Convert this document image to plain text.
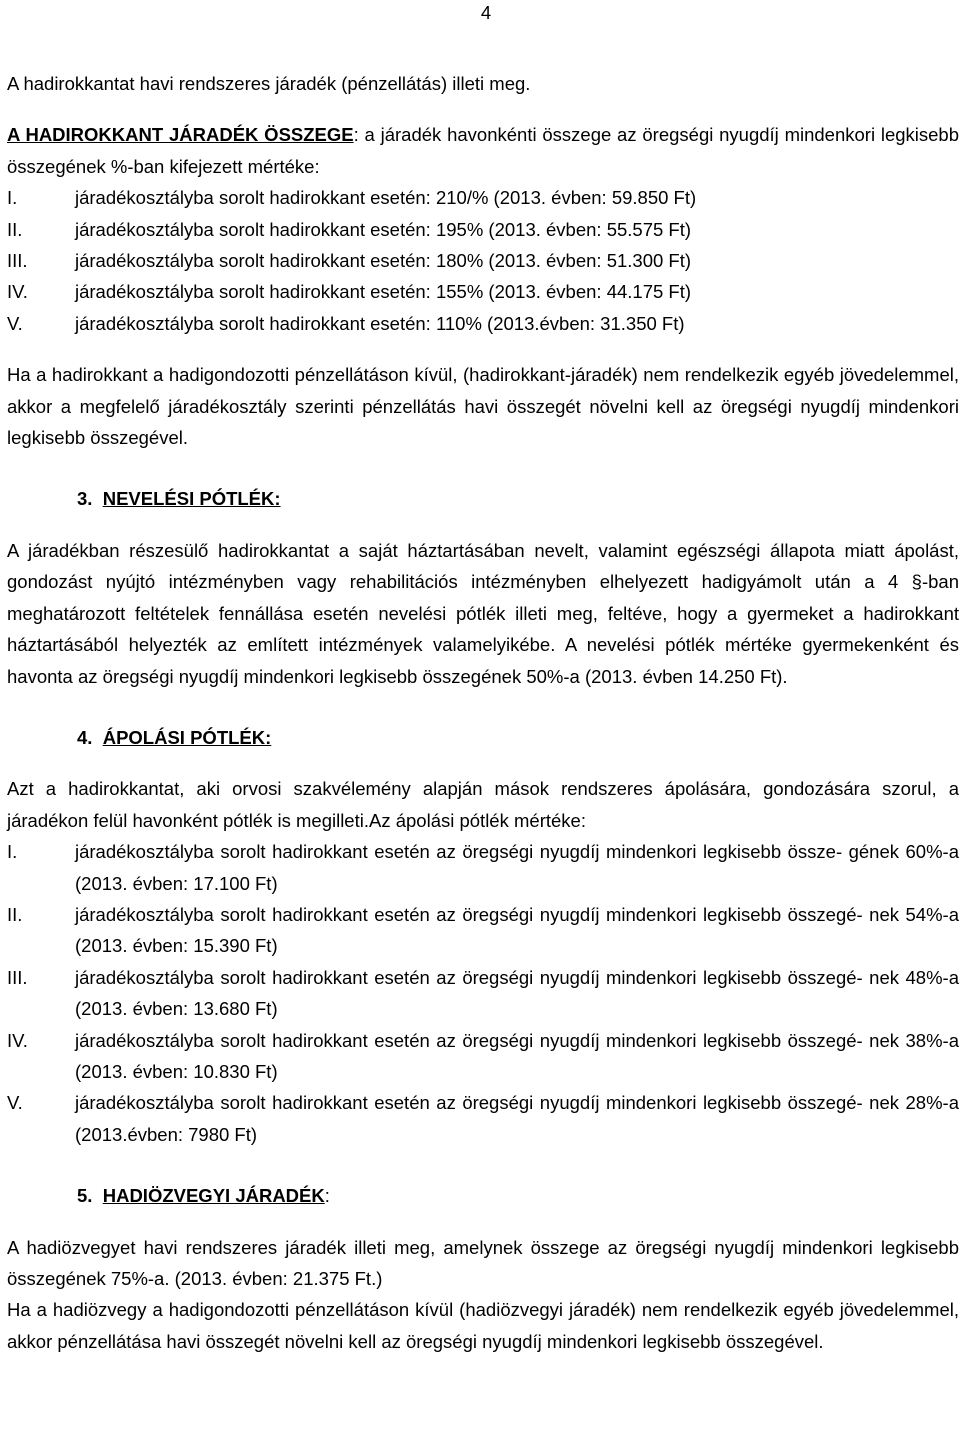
4

A hadirokkantat havi rendszeres járadék (pénzellátás) illeti meg.

A HADIROKKANT JÁRADÉK ÖSSZEGE: a járadék havonkénti összege az öregségi nyugdíj mindenkori legkisebb összegének %-ban kifejezett mértéke:

I.	járadékosztályba sorolt hadirokkant esetén: 210/% (2013. évben: 59.850 Ft)
II.	járadékosztályba sorolt hadirokkant esetén: 195% (2013. évben: 55.575 Ft)
III.	járadékosztályba sorolt hadirokkant esetén: 180% (2013. évben: 51.300 Ft)
IV.	járadékosztályba sorolt hadirokkant esetén: 155% (2013. évben: 44.175 Ft)
V.	járadékosztályba sorolt hadirokkant esetén: 110% (2013.évben: 31.350 Ft)

Ha a hadirokkant a hadigondozotti pénzellátáson kívül, (hadirokkant-járadék) nem rendelkezik egyéb jövedelemmel, akkor a megfelelő járadékosztály szerinti pénzellátás havi összegét növelni kell az öregségi nyugdíj mindenkori legkisebb összegével.

3. NEVELÉSI PÓTLÉK:

A járadékban részesülő hadirokkantat a saját háztartásában nevelt, valamint egészségi állapota miatt ápolást, gondozást nyújtó intézményben vagy rehabilitációs intézményben elhelyezett hadigyámolt után a 4 §-ban meghatározott feltételek fennállása esetén nevelési pótlék illeti meg, feltéve, hogy a gyermeket a hadirokkant háztartásából helyezték az említett intézmények valamelyikébe. A nevelési pótlék mértéke gyermekenként és havonta az öregségi nyugdíj mindenkori legkisebb összegének 50%-a (2013. évben 14.250 Ft).

4. ÁPOLÁSI PÓTLÉK:

Azt a hadirokkantat, aki orvosi szakvélemény alapján mások rendszeres ápolására, gondozására szorul, a járadékon felül havonként pótlék is megilleti.Az ápolási pótlék mértéke:

I.	járadékosztályba sorolt hadirokkant esetén az öregségi nyugdíj mindenkori legkisebb össze- gének 60%-a (2013. évben: 17.100 Ft)
II.	járadékosztályba sorolt hadirokkant esetén az öregségi nyugdíj mindenkori legkisebb összegé- nek 54%-a (2013. évben: 15.390 Ft)
III.	járadékosztályba sorolt hadirokkant esetén az öregségi nyugdíj mindenkori legkisebb összegé- nek 48%-a (2013. évben: 13.680 Ft)
IV.	járadékosztályba sorolt hadirokkant esetén az öregségi nyugdíj mindenkori legkisebb összegé- nek 38%-a (2013. évben: 10.830 Ft)
V.	járadékosztályba sorolt hadirokkant esetén az öregségi nyugdíj mindenkori legkisebb összegé- nek 28%-a (2013.évben: 7980 Ft)
5. HADIÖZVEGYI JÁRADÉK:

A hadiözvegyet havi rendszeres járadék illeti meg, amelynek összege az öregségi nyugdíj mindenkori legkisebb összegének 75%-a. (2013. évben: 21.375 Ft.)

Ha a hadiözvegy a hadigondozotti pénzellátáson kívül (hadiözvegyi járadék) nem rendelkezik egyéb jövedelemmel, akkor pénzellátása havi összegét növelni kell az öregségi nyugdíj mindenkori legkisebb összegével.
